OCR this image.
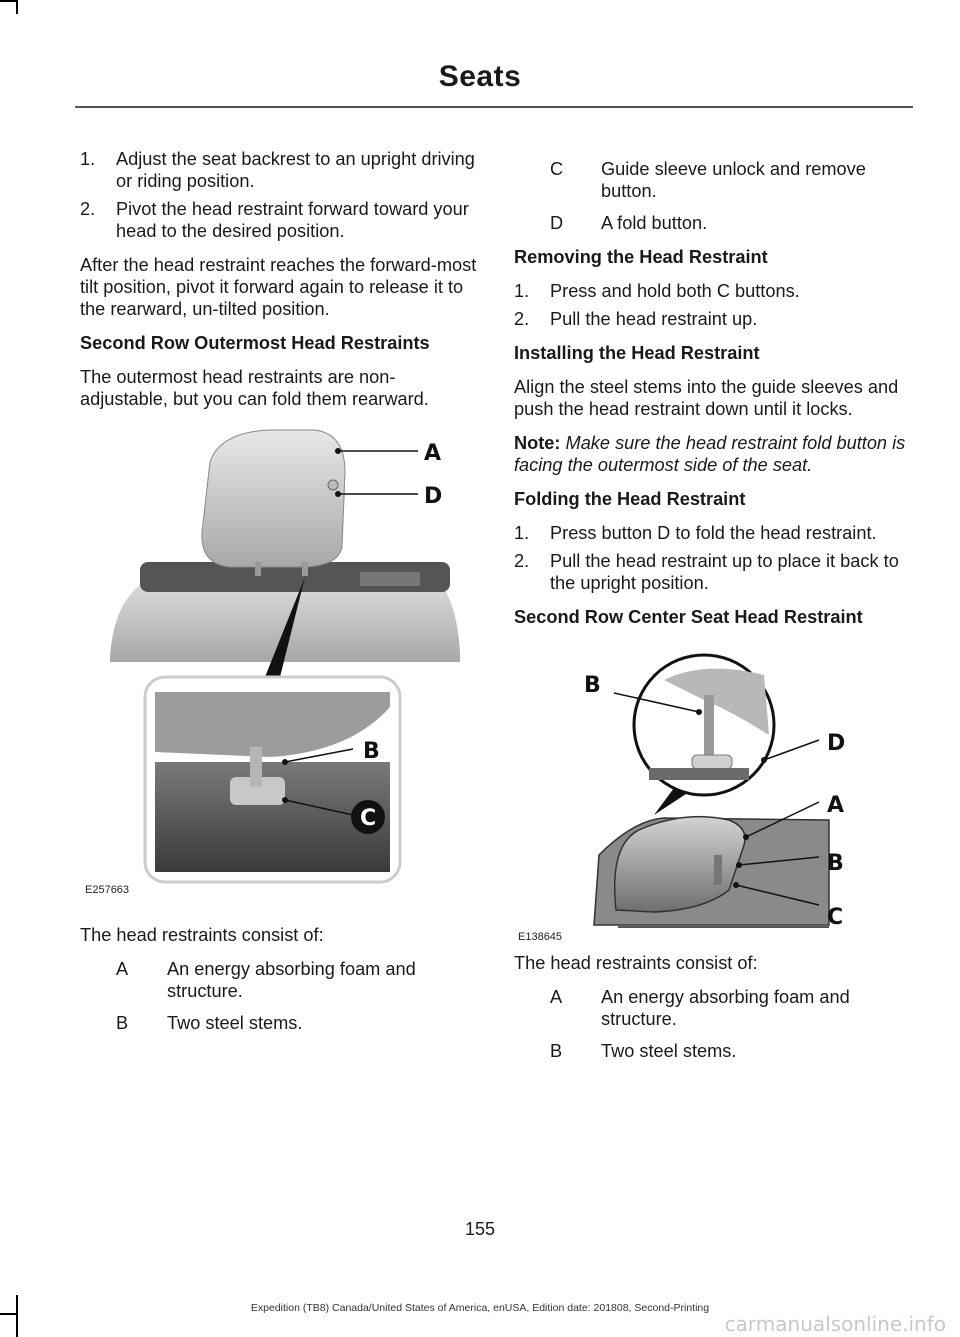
Seats
1. Adjust the seat backrest to an upright driving or riding position.
2. Pivot the head restraint forward toward your head to the desired position.

After the head restraint reaches the forward-most tilt position, pivot it forward again to release it to the rearward, un-tilted position.

Second Row Outermost Head Restraints

The outermost head restraints are non-adjustable, but you can fold them rearward.

A
D
B
C
E257663

The head restraints consist of:

A	An energy absorbing foam and structure.
B	Two steel stems.
C	Guide sleeve unlock and remove button.
D	A fold button.
Removing the Head Restraint
1. Press and hold both C buttons.
2. Pull the head restraint up.
Installing the Head Restraint

Align the steel stems into the guide sleeves and push the head restraint down until it locks.

Note: Make sure the head restraint fold button is facing the outermost side of the seat.

Folding the Head Restraint
1. Press button D to fold the head restraint.
2. Pull the head restraint up to place it back to the upright position.
Second Row Center Seat Head Restraint
B
D
A
B
C
E138645

The head restraints consist of:

A	An energy absorbing foam and structure.
B	Two steel stems.
155
Expedition (TB8) Canada/United States of America, enUSA, Edition date: 201808, Second-Printing
carmanualsonline.info
